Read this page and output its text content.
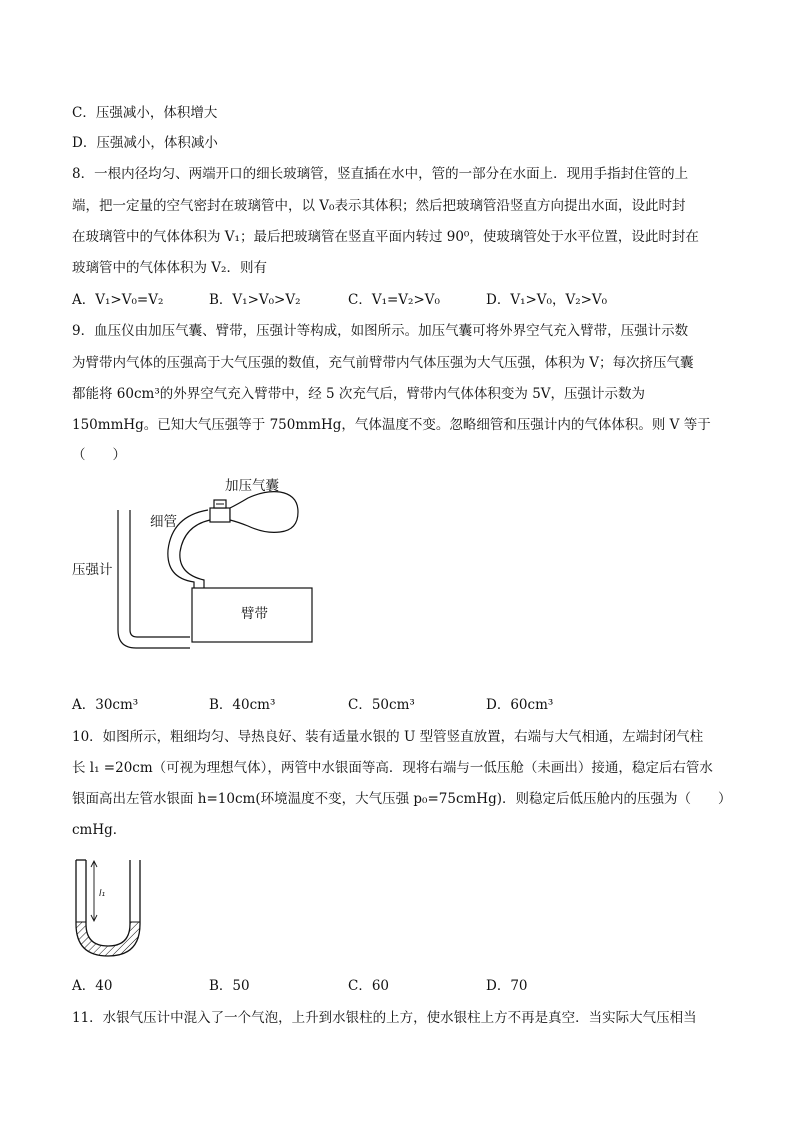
C．压强减小，体积增大
D．压强减小，体积减小
8．一根内径均匀、两端开口的细长玻璃管，竖直插在水中，管的一部分在水面上．现用手指封住管的上
端，把一定量的空气密封在玻璃管中，以 V₀表示其体积；然后把玻璃管沿竖直方向提出水面，设此时封
在玻璃管中的气体体积为 V₁；最后把玻璃管在竖直平面内转过 90⁰，使玻璃管处于水平位置，设此时封在
玻璃管中的气体体积为 V₂．则有
A．V₁>V₀=V₂	B．V₁>V₀>V₂	C．V₁=V₂>V₀	D．V₁>V₀，V₂>V₀
9．血压仪由加压气囊、臂带，压强计等构成，如图所示。加压气囊可将外界空气充入臂带，压强计示数
为臂带内气体的压强高于大气压强的数值，充气前臂带内气体压强为大气压强，体积为 V；每次挤压气囊
都能将 60cm³的外界空气充入臂带中，经 5 次充气后，臂带内气体体积变为 5V，压强计示数为
150mmHg。已知大气压强等于 750mmHg，气体温度不变。忽略细管和压强计内的气体体积。则 V 等于
（　　）
加压气囊
细管
压强计
臂带
A．30cm³	B．40cm³	C．50cm³	D．60cm³
10．如图所示，粗细均匀、导热良好、装有适量水银的 U 型管竖直放置，右端与大气相通，左端封闭气柱
长 l₁ =20cm（可视为理想气体），两管中水银面等高．现将右端与一低压舱（未画出）接通，稳定后右管水
银面高出左管水银面 h=10cm(环境温度不变，大气压强 p₀=75cmHg)．则稳定后低压舱内的压强为（　　）
cmHg．
l₁
A．40	B．50	C．60	D．70
11．水银气压计中混入了一个气泡，上升到水银柱的上方，使水银柱上方不再是真空．当实际大气压相当
